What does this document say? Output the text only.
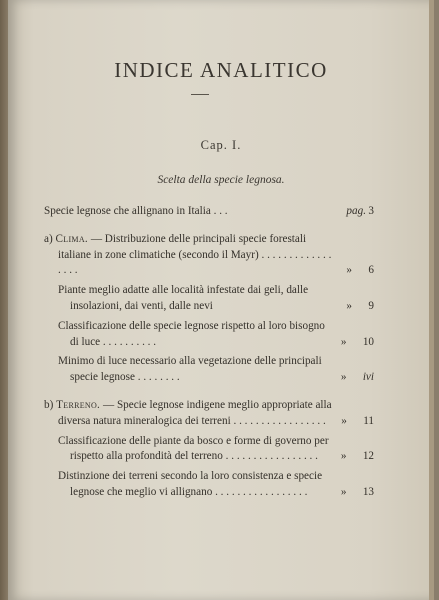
INDICE ANALITICO
Cap. I.
Scelta della specie legnosa.
Specie legnose che allignano in Italia . . .	pag. 3
a) Clima. — Distribuzione delle principali specie forestali italiane in zone climatiche (secondo il Mayr) . . . . . . . . . . . . . . . . .	» 6
Piante meglio adatte alle località infestate dai geli, dalle insolazioni, dai venti, dalle nevi	» 9
Classificazione delle specie legnose rispetto al loro bisogno di luce . . . . . . . . . .	» 10
Minimo di luce necessario alla vegetazione delle principali specie legnose . . . . . . . .	» ivi
b) Terreno. — Specie legnose indigene meglio appropriate alla diversa natura mineralogica dei terreni . . . . . . . . . . . . . . . . .	» 11
Classificazione delle piante da bosco e forme di governo per rispetto alla profondità del terreno . . . . . . . . . . . . . . . . .	» 12
Distinzione dei terreni secondo la loro consistenza e specie legnose che meglio vi allignano . . . . . . . . . . . . . . . . .	» 13
